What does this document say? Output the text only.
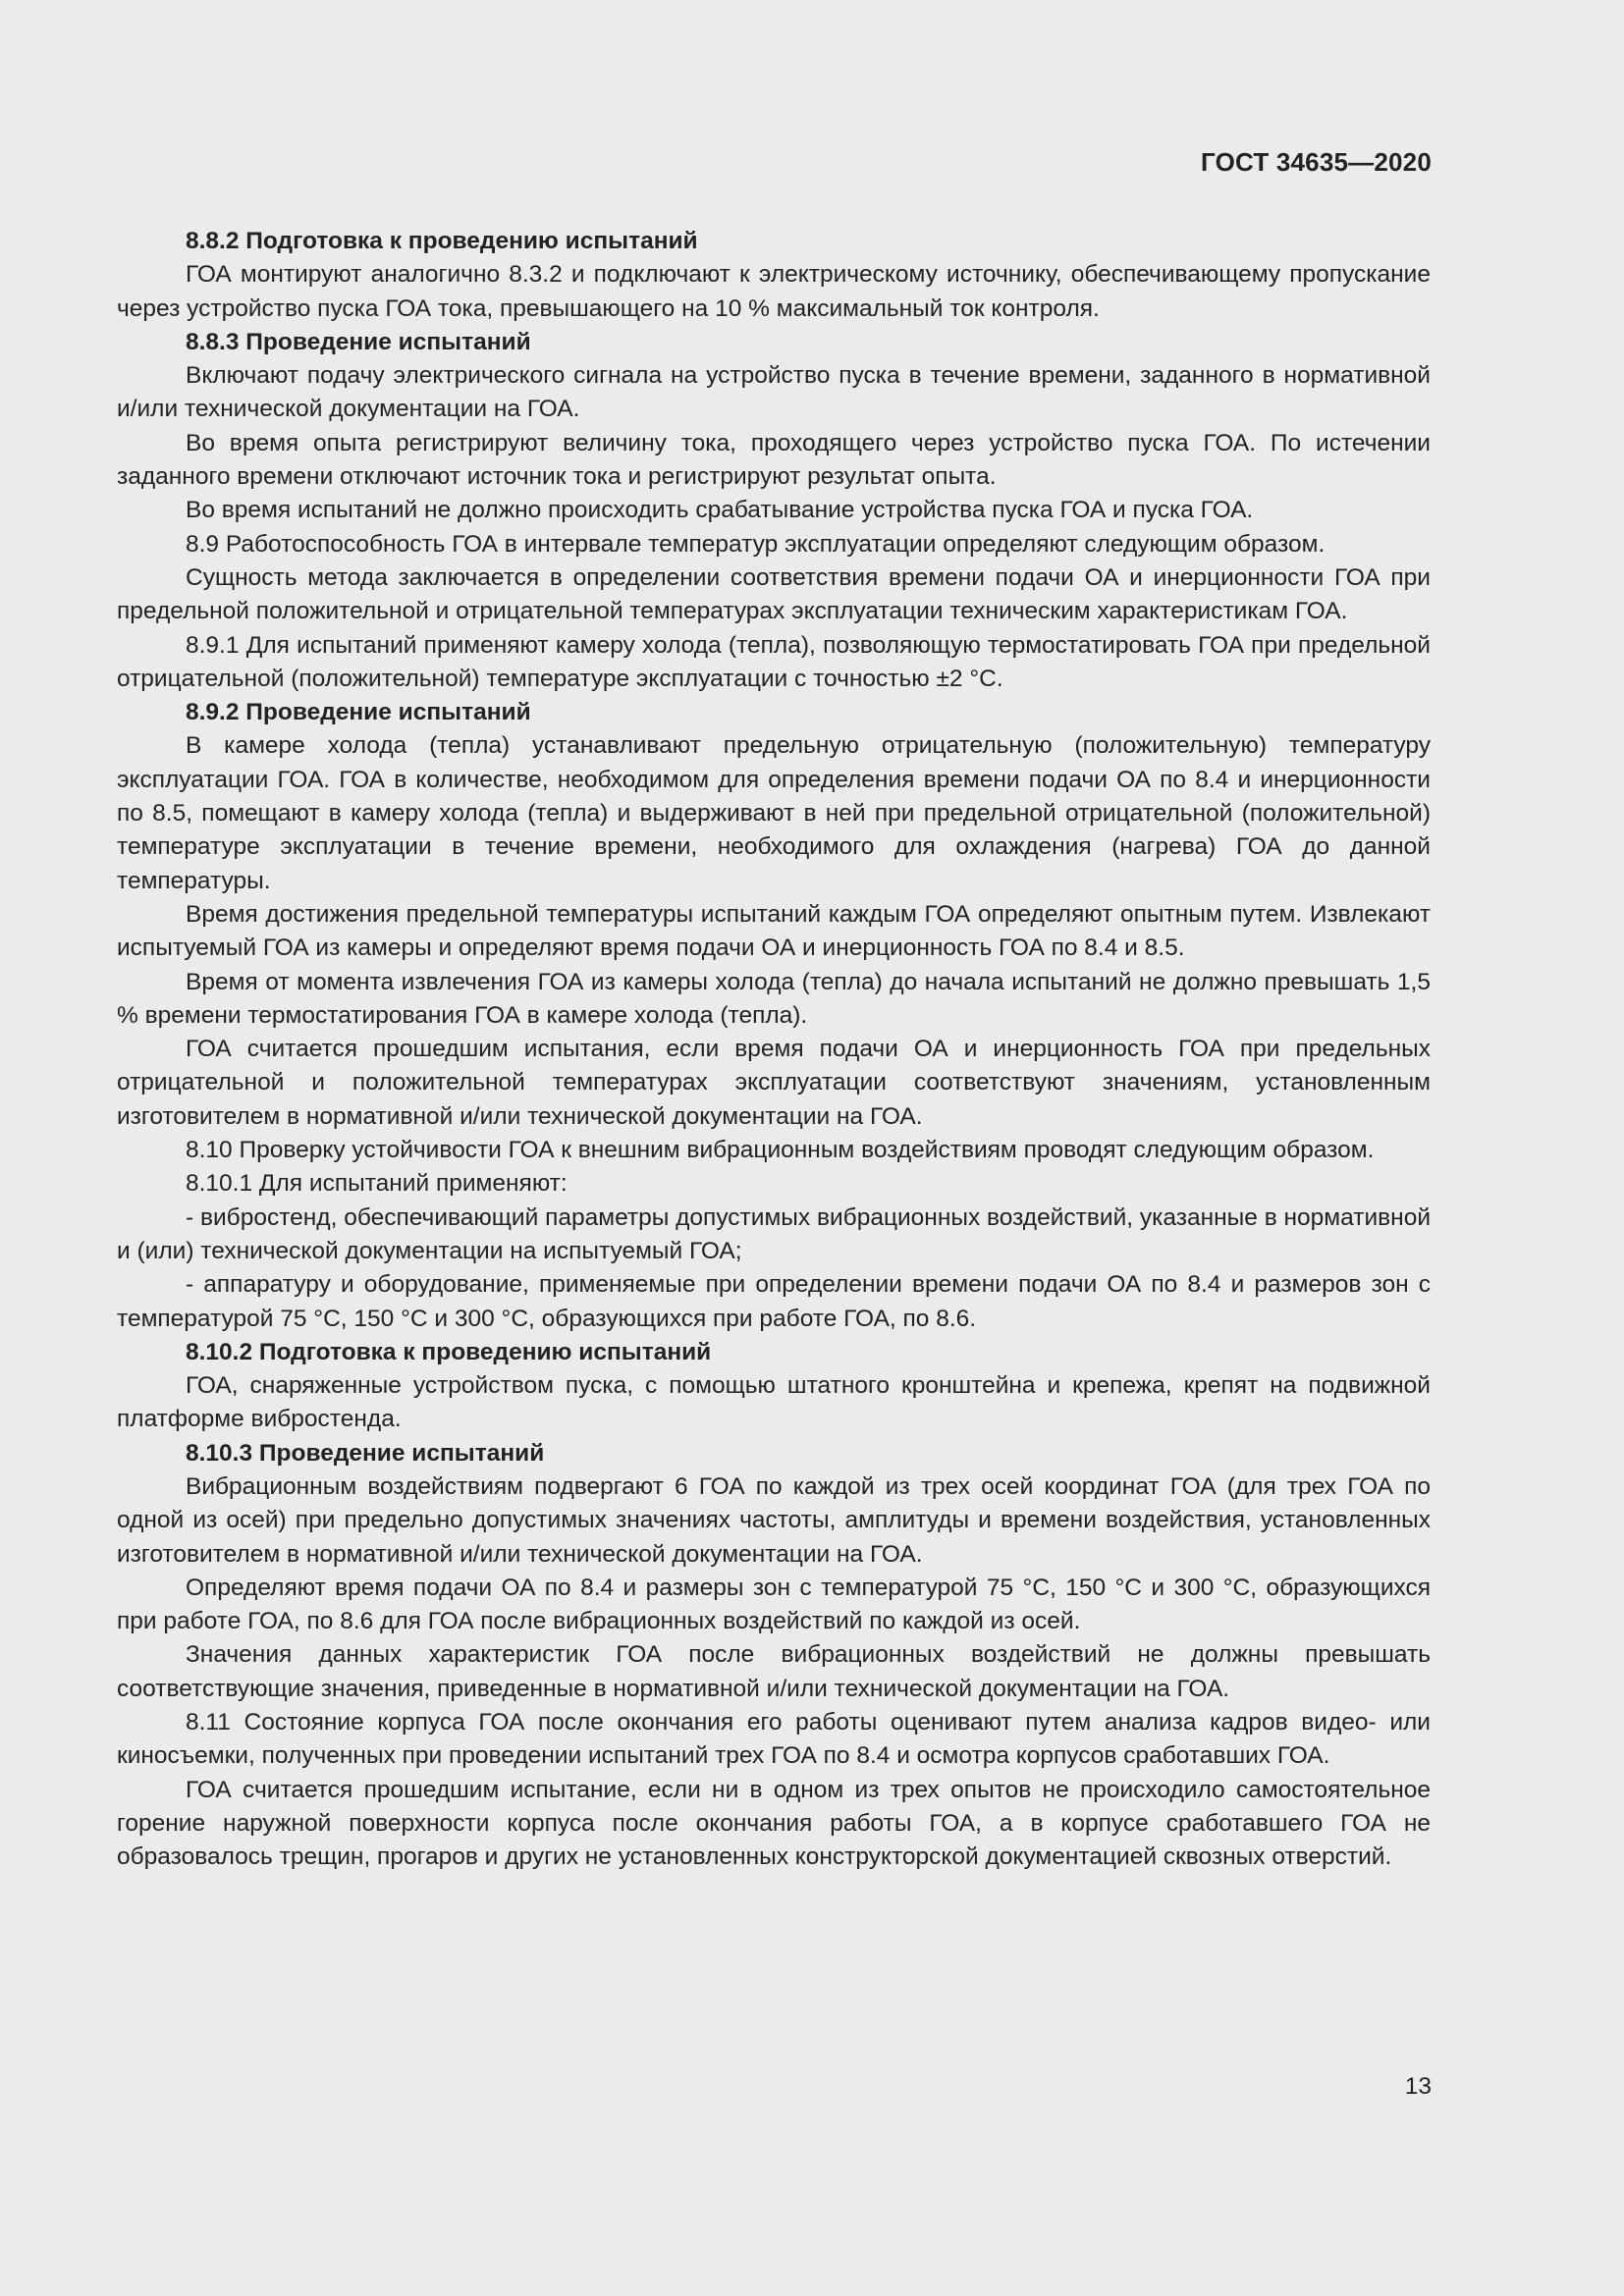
ГОСТ 34635—2020
8.8.2 Подготовка к проведению испытаний

ГОА монтируют аналогично 8.3.2 и подключают к электрическому источнику, обеспечивающему пропускание через устройство пуска ГОА тока, превышающего на 10 % максимальный ток контроля.

8.8.3 Проведение испытаний

Включают подачу электрического сигнала на устройство пуска в течение времени, заданного в нормативной и/или технической документации на ГОА.

Во время опыта регистрируют величину тока, проходящего через устройство пуска ГОА. По истечении заданного времени отключают источник тока и регистрируют результат опыта.

Во время испытаний не должно происходить срабатывание устройства пуска ГОА и пуска ГОА.

8.9 Работоспособность ГОА в интервале температур эксплуатации определяют следующим образом.

Сущность метода заключается в определении соответствия времени подачи ОА и инерционности ГОА при предельной положительной и отрицательной температурах эксплуатации техническим характеристикам ГОА.

8.9.1 Для испытаний применяют камеру холода (тепла), позволяющую термостатировать ГОА при предельной отрицательной (положительной) температуре эксплуатации с точностью ±2 °С.

8.9.2 Проведение испытаний

В камере холода (тепла) устанавливают предельную отрицательную (положительную) температуру эксплуатации ГОА. ГОА в количестве, необходимом для определения времени подачи ОА по 8.4 и инерционности по 8.5, помещают в камеру холода (тепла) и выдерживают в ней при предельной отрицательной (положительной) температуре эксплуатации в течение времени, необходимого для охлаждения (нагрева) ГОА до данной температуры.

Время достижения предельной температуры испытаний каждым ГОА определяют опытным путем. Извлекают испытуемый ГОА из камеры и определяют время подачи ОА и инерционность ГОА по 8.4 и 8.5.

Время от момента извлечения ГОА из камеры холода (тепла) до начала испытаний не должно превышать 1,5 % времени термостатирования ГОА в камере холода (тепла).

ГОА считается прошедшим испытания, если время подачи ОА и инерционность ГОА при предельных отрицательной и положительной температурах эксплуатации соответствуют значениям, установленным изготовителем в нормативной и/или технической документации на ГОА.

8.10 Проверку устойчивости ГОА к внешним вибрационным воздействиям проводят следующим образом.

8.10.1 Для испытаний применяют:

- вибростенд, обеспечивающий параметры допустимых вибрационных воздействий, указанные в нормативной и (или) технической документации на испытуемый ГОА;

- аппаратуру и оборудование, применяемые при определении времени подачи ОА по 8.4 и размеров зон с температурой 75 °С, 150 °С и 300 °С, образующихся при работе ГОА, по 8.6.

8.10.2 Подготовка к проведению испытаний

ГОА, снаряженные устройством пуска, с помощью штатного кронштейна и крепежа, крепят на подвижной платформе вибростенда.

8.10.3 Проведение испытаний

Вибрационным воздействиям подвергают 6 ГОА по каждой из трех осей координат ГОА (для трех ГОА по одной из осей) при предельно допустимых значениях частоты, амплитуды и времени воздействия, установленных изготовителем в нормативной и/или технической документации на ГОА.

Определяют время подачи ОА по 8.4 и размеры зон с температурой 75 °С, 150 °С и 300 °С, образующихся при работе ГОА, по 8.6 для ГОА после вибрационных воздействий по каждой из осей.

Значения данных характеристик ГОА после вибрационных воздействий не должны превышать соответствующие значения, приведенные в нормативной и/или технической документации на ГОА.

8.11 Состояние корпуса ГОА после окончания его работы оценивают путем анализа кадров видео- или киносъемки, полученных при проведении испытаний трех ГОА по 8.4 и осмотра корпусов сработавших ГОА.

ГОА считается прошедшим испытание, если ни в одном из трех опытов не происходило самостоятельное горение наружной поверхности корпуса после окончания работы ГОА, а в корпусе сработавшего ГОА не образовалось трещин, прогаров и других не установленных конструкторской документацией сквозных отверстий.

13
